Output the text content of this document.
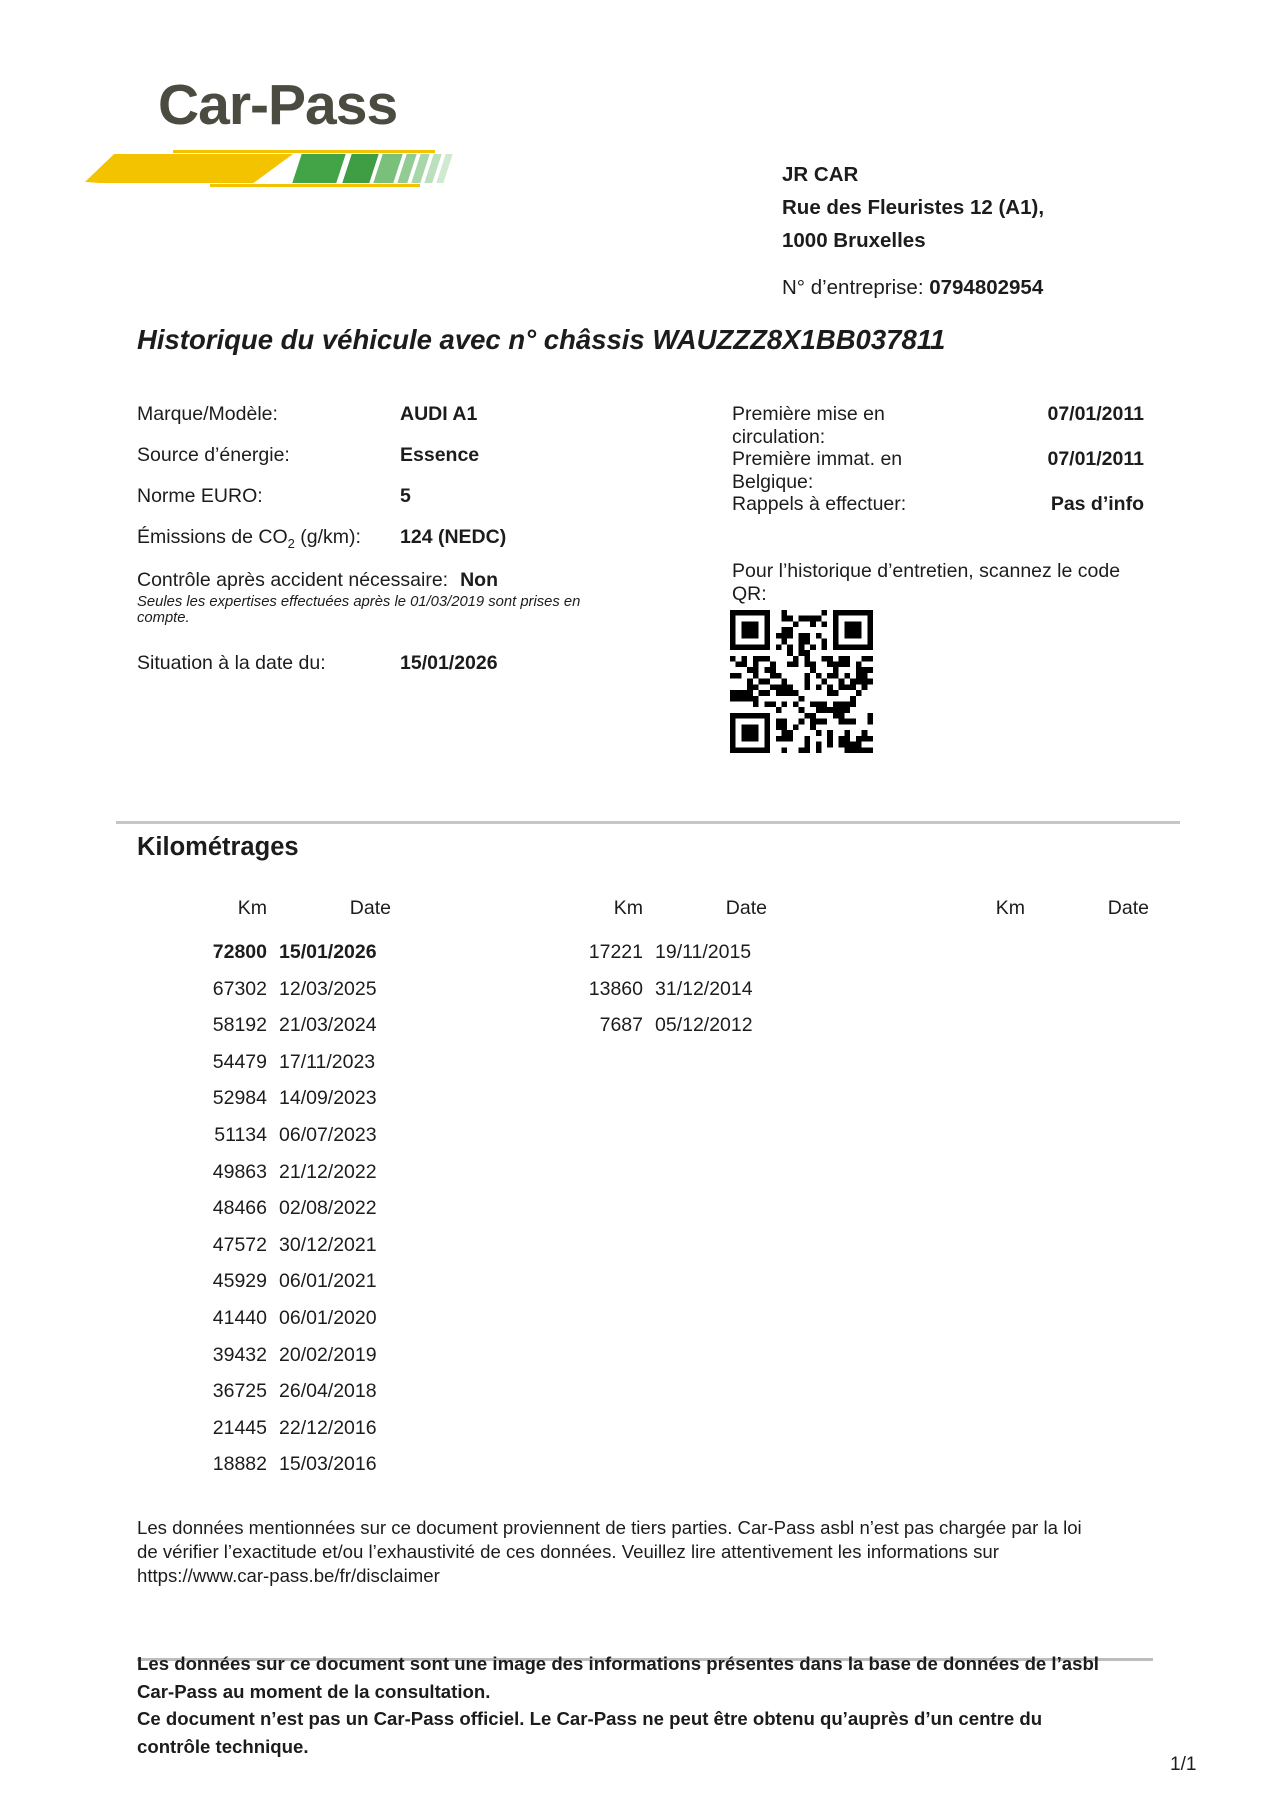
Car-Pass
JR CAR
Rue des Fleuristes 12 (A1),
1000 Bruxelles
N° d’entreprise: 0794802954
Historique du véhicule avec n° châssis WAUZZZ8X1BB037811
Marque/Modèle:	AUDI A1
Source d’énergie:	Essence
Norme EURO:	5
Émissions de $CO_2$ (g/km):	124 (NEDC)
Contrôle après accident nécessaire: Non
Seules les expertises effectuées après le 01/03/2019 sont prises en compte.
Situation à la date du:	15/01/2026
Première mise en circulation:
07/01/2011
Première immat. en Belgique:
07/01/2011
Rappels à effectuer:	Pas d’info
Pour l’historique d’entretien, scannez le code QR:
Kilométrages
Km	Date
72800 15/01/2026
67302 12/03/2025
58192 21/03/2024
54479 17/11/2023
52984 14/09/2023
51134 06/07/2023
49863 21/12/2022
48466 02/08/2022
47572 30/12/2021
45929 06/01/2021
41440 06/01/2020
39432 20/02/2019
36725 26/04/2018
21445 22/12/2016
18882 15/03/2016
Km	Date
17221 19/11/2015
13860 31/12/2014
7687 05/12/2012
Km	Date
Les données mentionnées sur ce document proviennent de tiers parties. Car-Pass asbl n’est pas chargée par la loi
de vérifier l’exactitude et/ou l’exhaustivité de ces données. Veuillez lire attentivement les informations sur
https://www.car-pass.be/fr/disclaimer
Les données sur ce document sont une image des informations présentes dans la base de données de l’asbl
Car-Pass au moment de la consultation.
Ce document n’est pas un Car-Pass officiel. Le Car-Pass ne peut être obtenu qu’auprès d’un centre du
contrôle technique.
1/1
